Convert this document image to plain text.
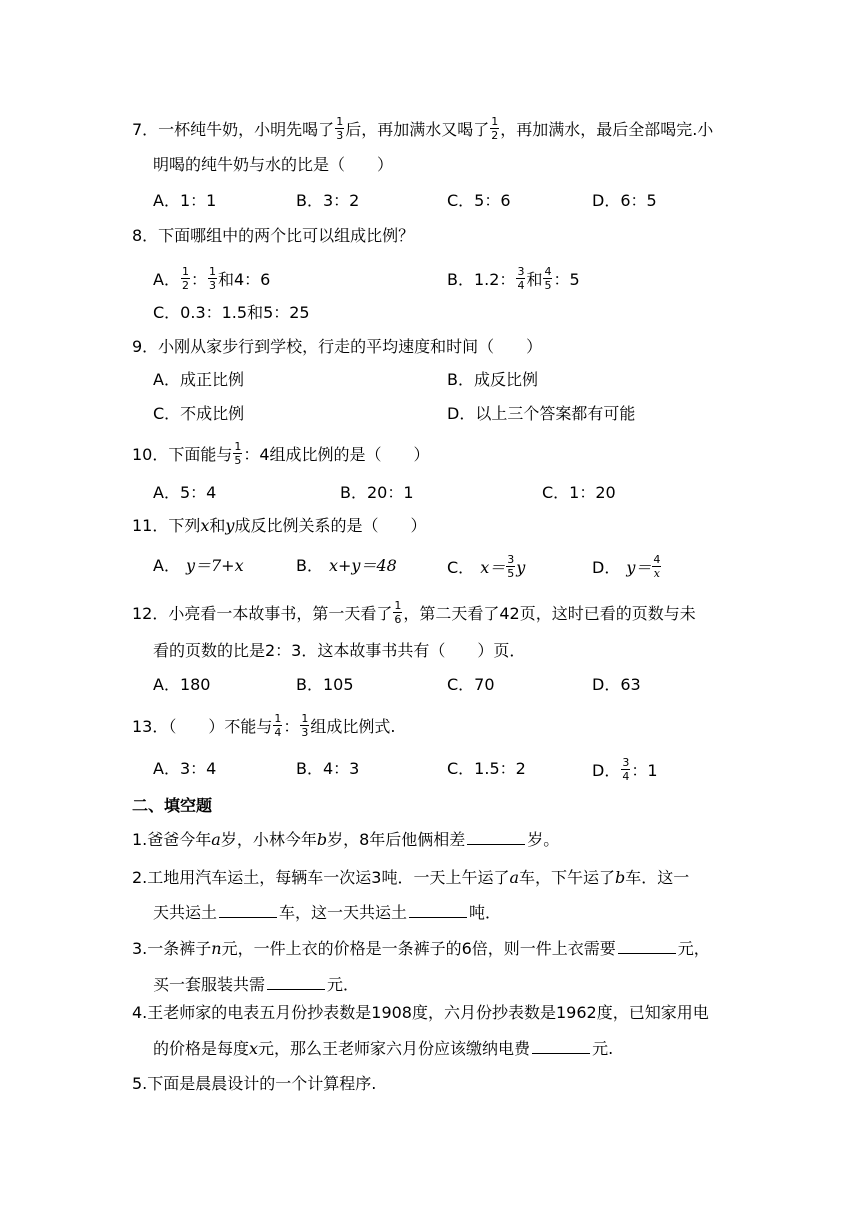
7．一杯纯牛奶，小明先喝了 $\frac{1}{3}$ 后，再加满水又喝了 $\frac{1}{2}$ ，再加满水，最后全部喝完.小
明喝的纯牛奶与水的比是（　　）
A．1：1	B．3：2	C．5：6	D．6：5
8．下面哪组中的两个比可以组成比例？
A． $\frac{1}{2}$ ： $\frac{1}{3}$ 和4：6	B．1.2： $\frac{3}{4}$ 和 $\frac{4}{5}$ ：5
C．0.3：1.5和5：25
9．小刚从家步行到学校，行走的平均速度和时间（　　）
A．成正比例	B．成反比例
C．不成比例	D．以上三个答案都有可能
10．下面能与 $\frac{1}{5}$ ：4组成比例的是（　　）
A．5：4	B．20：1	C．1：20
11．下列x和y成反比例关系的是（　　）
A． y＝7+x	B． x+y＝48	C． $x= \frac{3}{5}$ y	D． $y= \frac{4}{x}$
12．小亮看一本故事书，第一天看了 $\frac{1}{6}$ ，第二天看了42页，这时已看的页数与未
看的页数的比是2：3．这本故事书共有（　　）页．
A．180	B．105	C．70	D．63
13．（　　）不能与 $\frac{1}{4}$ ： $\frac{1}{3}$ 组成比例式.
A．3：4	B．4：3	C．1.5：2	D． $\frac{3}{4}$ ：1
二、填空题
1.爸爸今年a岁，小林今年b岁，8年后他俩相差	岁。
2.工地用汽车运土，每辆车一次运3吨．一天上午运了a车，下午运了b车．这一
天共运土	车，这一天共运土	吨．
3.一条裤子n元，一件上衣的价格是一条裤子的6倍，则一件上衣需要	元，
买一套服装共需	元．
4.王老师家的电表五月份抄表数是1908度，六月份抄表数是1962度，已知家用电
的价格是每度x元，那么王老师家六月份应该缴纳电费	元.
5.下面是晨晨设计的一个计算程序.
